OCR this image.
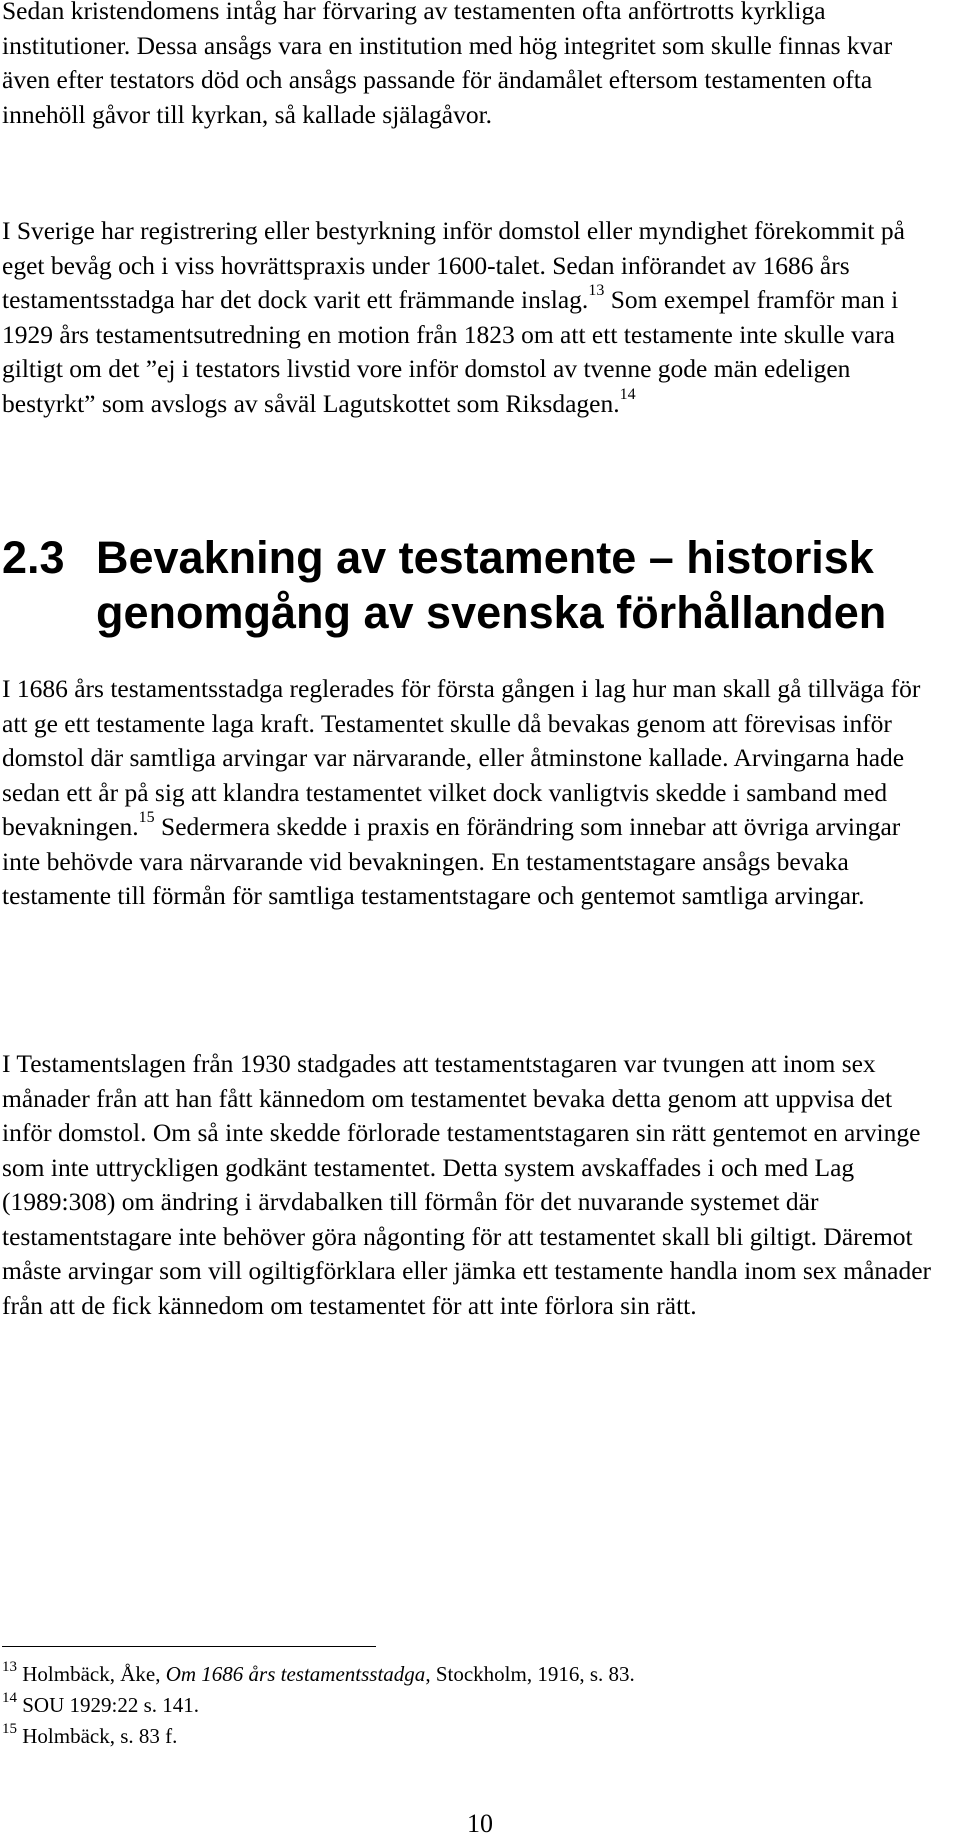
Sedan kristendomens intåg har förvaring av testamenten ofta anförtrotts kyrkliga institutioner. Dessa ansågs vara en institution med hög integritet som skulle finnas kvar även efter testators död och ansågs passande för ändamålet eftersom testamenten ofta innehöll gåvor till kyrkan, så kallade själagåvor.

I Sverige har registrering eller bestyrkning inför domstol eller myndighet förekommit på eget bevåg och i viss hovrättspraxis under 1600-talet. Sedan införandet av 1686 års testamentsstadga har det dock varit ett främmande inslag.$^{13}$ Som exempel framför man i 1929 års testamentsutredning en motion från 1823 om att ett testamente inte skulle vara giltigt om det ”ej i testators livstid vore inför domstol av tvenne gode män edeligen bestyrkt” som avslogs av såväl Lagutskottet som Riksdagen.$^{14}$

2.3 Bevakning av testamente – historisk
genomgång av svenska förhållanden

I 1686 års testamentsstadga reglerades för första gången i lag hur man skall gå tillväga för att ge ett testamente laga kraft. Testamentet skulle då bevakas genom att förevisas inför domstol där samtliga arvingar var närvarande, eller åtminstone kallade. Arvingarna hade sedan ett år på sig att klandra testamentet vilket dock vanligtvis skedde i samband med bevakningen.$^{15}$ Sedermera skedde i praxis en förändring som innebar att övriga arvingar inte behövde vara närvarande vid bevakningen. En testamentstagare ansågs bevaka testamente till förmån för samtliga testamentstagare och gentemot samtliga arvingar.

I Testamentslagen från 1930 stadgades att testamentstagaren var tvungen att inom sex månader från att han fått kännedom om testamentet bevaka detta genom att uppvisa det inför domstol. Om så inte skedde förlorade testamentstagaren sin rätt gentemot en arvinge som inte uttryckligen godkänt testamentet. Detta system avskaffades i och med Lag (1989:308) om ändring i ärvdabalken till förmån för det nuvarande systemet där testamentstagare inte behöver göra någonting för att testamentet skall bli giltigt. Däremot måste arvingar som vill ogiltigförklara eller jämka ett testamente handla inom sex månader från att de fick kännedom om testamentet för att inte förlora sin rätt.

$^{13}$ Holmbäck, Åke, Om 1686 års testamentsstadga, Stockholm, 1916, s. 83.
$^{14}$ SOU 1929:22 s. 141.
$^{15}$ Holmbäck, s. 83 f.
10
